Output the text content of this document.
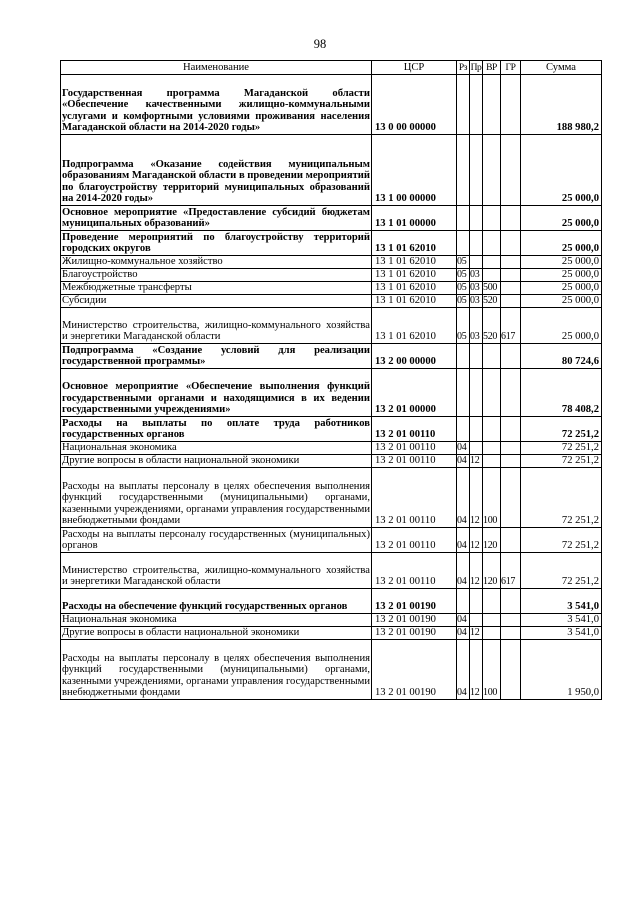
98
Наименование	ЦСР	Рз	Пр	ВР	ГР	Сумма
Государственная программа Магаданской области «Обеспечение качественными жилищно-коммунальными услугами и комфортными условиями проживания населения Магаданской области на 2014-2020 годы»	13 0 00 00000					188 980,2
Подпрограмма «Оказание содействия муниципальным образованиям Магаданской области в проведении мероприятий по благоустройству территорий муниципальных образований на 2014-2020 годы»	13 1 00 00000					25 000,0
Основное мероприятие «Предоставление субсидий бюджетам муниципальных образований»	13 1 01 00000					25 000,0
Проведение мероприятий по благоустройству территорий городских округов	13 1 01 62010					25 000,0
Жилищно-коммунальное хозяйство	13 1 01 62010	05				25 000,0
Благоустройство	13 1 01 62010	05	03			25 000,0
Межбюджетные трансферты	13 1 01 62010	05	03	500		25 000,0
Субсидии	13 1 01 62010	05	03	520		25 000,0
Министерство строительства, жилищно-коммунального хозяйства и энергетики Магаданской области	13 1 01 62010	05	03	520	617	25 000,0
Подпрограмма «Создание условий для реализации государственной программы»	13 2 00 00000					80 724,6
Основное мероприятие «Обеспечение выполнения функций государственными органами и находящимися в их ведении государственными учреждениями»	13 2 01 00000					78 408,2
Расходы на выплаты по оплате труда работников государственных органов	13 2 01 00110					72 251,2
Национальная экономика	13 2 01 00110	04				72 251,2
Другие вопросы в области национальной экономики	13 2 01 00110	04	12			72 251,2
Расходы на выплаты персоналу в целях обеспечения выполнения функций государственными (муниципальными) органами, казенными учреждениями, органами управления государственными внебюджетными фондами	13 2 01 00110	04	12	100		72 251,2
Расходы на выплаты персоналу государственных (муниципальных) органов	13 2 01 00110	04	12	120		72 251,2
Министерство строительства, жилищно-коммунального хозяйства и энергетики Магаданской области	13 2 01 00110	04	12	120	617	72 251,2
Расходы на обеспечение функций государственных органов	13 2 01 00190					3 541,0
Национальная экономика	13 2 01 00190	04				3 541,0
Другие вопросы в области национальной экономики	13 2 01 00190	04	12			3 541,0
Расходы на выплаты персоналу в целях обеспечения выполнения функций государственными (муниципальными) органами, казенными учреждениями, органами управления государственными внебюджетными фондами	13 2 01 00190	04	12	100		1 950,0
